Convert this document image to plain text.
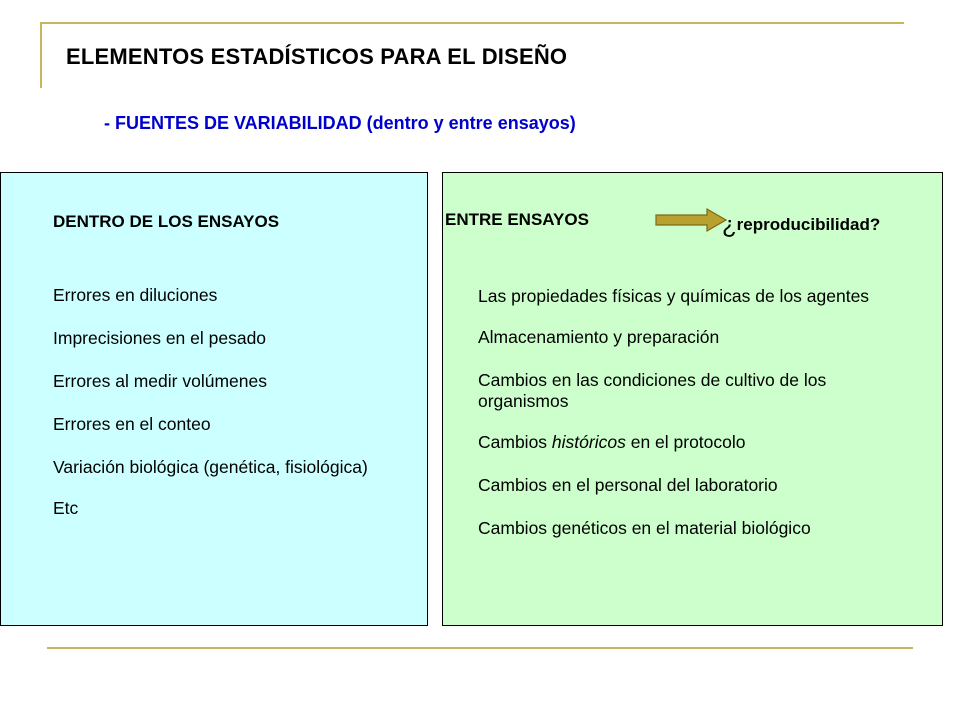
ELEMENTOS ESTADÍSTICOS PARA EL DISEÑO
- FUENTES DE VARIABILIDAD (dentro y entre ensayos)
DENTRO DE LOS ENSAYOS
Errores en diluciones
Imprecisiones en el pesado
Errores al medir volúmenes
Errores en el conteo
Variación biológica (genética, fisiológica)
Etc
ENTRE ENSAYOS	¿reproducibilidad?
Las propiedades físicas y químicas de los agentes
Almacenamiento y preparación
Cambios en las condiciones de cultivo de los organismos
Cambios históricos en el protocolo
Cambios en el personal del laboratorio
Cambios genéticos en el material biológico
